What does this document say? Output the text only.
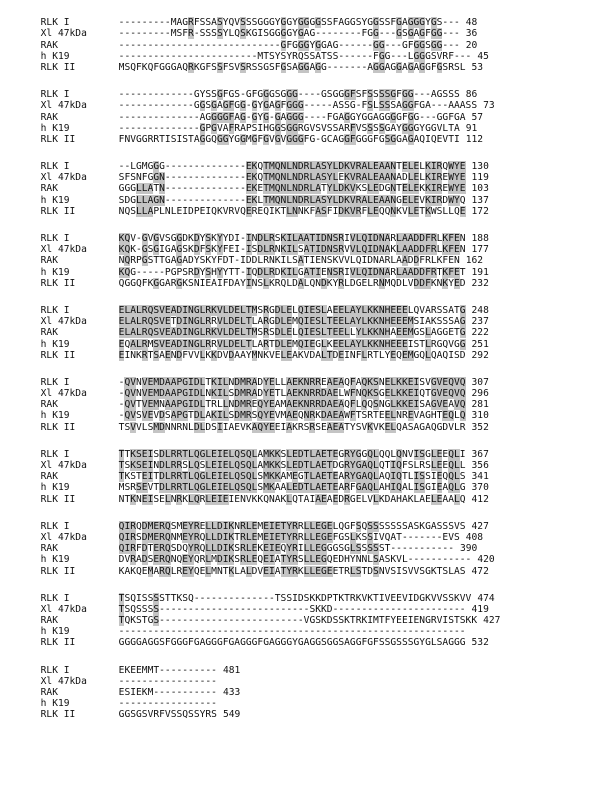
RLK I	---------MAGRFSSASYQVSSSGGGYGGYGGGGSSFAGGSYGGSSFGAGGGYGS--- 48

Xl 47kDa	---------MSFR-SSSSYLQSKGISGGGGYGAG--------FGG---GSGAGFGG--- 36

RAK	----------------------------GFGGGYGGAG------GG---GFGGSGG--- 20

h K19	------------------------MTSYSYRQSSATSS------FGG---LGGGSVRF--- 45

RLK II	MSQFKQFGGGAQRKGFSSFSVSRSSGSFGSAGGAGG-------AGGAGGAGAGGFGSRSL 53

RLK I	-------------GYSSGFGS-GFGGGSGGG----GSGGGFSFSSSSGFGG---AGSSS 86

Xl 47kDa	-------------GGSGAGFGG-GYGAGFGGG-----ASSG-FSLSSSAGGFGA---AAASS 73

RAK	--------------AGGGGFAG-GYG-GAGGG----FGAGGYGGAGGGGFGG---GGFGA 57

h K19	--------------GPGVAFRAPSIHGGSGGRGVSVSSARFVSSSSGAYGGGYGGVLTA 91

RLK II	FNVGGRRTISISTAGGQGGYGGMGFGVGVGGGFG-GCAGGFGGGFGSGGAGAQIQEVTI 112

RLK I	--LGMGGG--------------EKQTMQNLNDRLASYLDKVRALEAANTELELKIRQWYE 130

Xl 47kDa	SFSNFGGN--------------EKQTMQNLNDRLASYLEKVRALEAANADLELKIREWYE 119

RAK	GGGLLATN--------------EKETMQNLNDRLATYLDKVKSLEDGNTELEKKIREWYE 103

h K19	SDGLLAGN--------------EKLTMQNLNDRLASYLDKVRALEAANGELEVKIRDWYQ 137

RLK II	NQSLLAPLNLEIDPEIQKVRVQEREQIKTLNNKFASFIDKVRFLEQQNKVLETKWSLLQE 172

RLK I	KQV-GVGVSGGDKDYSKYYDI-INDLRSKILAATIDNSRIVLQIDNARLAADDFRLKFEN 188

Xl 47kDa	KQK-GSGIGAGSKDFSKYFEI-ISDLRNKILSATIDNSRVVLQIDNAKLAADDFRLKFEN 177

RAK	NQRPGSTTGAGADYSKYFDT-IDDLRNKILSATIENSKVVLQIDNARLAADDFRLKFEN 162

h K19	KQG-----PGPSRDYSHYYTT-IQDLRDKILGATIENSRIVLQIDNARLAADDFRTKFET 191

RLK II	QGGQFKGGARGKSNIEAIFDAYINSLKRQLDALQNDKYRLDGELRNMQDLVDDFKNKYED 232

RLK I	ELALRQSVEADINGLRKVLDELTMSRGDLELQIESLAEELAYLKKNHEEELQVARSSATG 248

Xl 47kDa	ELALRQSVETDINGLRRVLDELTLARGDLEMQIESLTEELAYLKKNHEEEMSIAKSSSAG 237

RAK	ELALRQSVEADINGLRKVLDELTMSRSDLELQIESLTEELLYLKKNHAEEMGSLAGGETG 222

h K19	EQALRMSVEADINGLRRVLDELTLARTDLEMQIEGLKEELAYLKKNHEEEISTLRGQVGG 251

RLK II	EINKRTSAENDFVVLKKDVDAAYMNKVELEAKVDALTDEINFLRTLYEQEMGQLQAQISD 292

RLK I	-QVNVEMDAAPGIDLTKILNDMRADYELLAEKNRREAEAQFAQKSNELKKEISVGVEQVQ 307

Xl 47kDa	-QVNVEMDAAPGIDLNKILSDMRADYETLAEKNRRDAELWFNQKSGELKKEIQTGVEQVQ 296

RAK	-QVTVEMNAAPGIDLTRLLNDMREQYEAMAEKNRRDAEAQFLQQSNGLKKEISAGVEAVQ 281

h K19	-QVSVEVDSAPGTDLAKILSDMRSQYEVMAEQNRKDAEAWFTSRTEELNREVAGHTEQLQ 310

RLK II	TSVVLSMDNNRNLDLDSIIAEVKAQYEEIAKRSRSEAEATYSVKVKELQASAGAQGDVLR 352

RLK I	TTKSEISDLRRTLQGLEIELQSQLAMKKSLEDTLAETEGRYGGQLQQLQNVISGLEEQLI 367

Xl 47kDa	TSKSEINDLRRSLQSLEIELQSQLAMKKSLEDTLAETDGRYGAQLQTIQFSLRSLEEQLL 356

RAK	TKSTEITDLRRTLQGLEIELQSQLSMKKAMEGTLAETEARYGAQLAQIQTLISSIEQQLS 341

h K19	MSRSEVTDLRRTLQGLEIELQSQLSMKAALEDTLAETEARFGAQLAHIQALISGIEAQLG 370

RLK II	NTKNEISELNRKLQRLEIEIENVKKQNAKLQTAIAEAEDRGELVLKDAHAKLAELEAALQ 412

RLK I	QIRQDMERQSMEYRELLDIKNRLEMEIETYRRLLEGELQGFSQSSSSSSSASKGASSSVS 427

Xl 47kDa	QIRSDMERQNMEYRQLLDIKTRLEMEIETYRRLLEGEFGSLKSSIVQAT-------EVS 408

RAK	QIRFDTERQSDQYRQLLDIKSRLEKEIEQYRILLEGGGSGLSSSSST----------- 390

h K19	DVRADSERQNQEYQRLMDIKSRLEQEIATYRSLLEGQEDHYNNLSASKVL----------- 420

RLK II	KAKQEMARQLREYQELMNTKLALDVEIATYRKLLEGEETRLSTDSNVSISVVSGKTSLAS 472

RLK I	TSQISSSSTTKSQ--------------TSSIDSKKDPTKTRKVKTIVEEVIDGKVVSSKVV 474

Xl 47kDa	TSQSSSS--------------------------SKKD----------------------- 419

RAK	TQKSTGS-------------------------VGSKDSSKTRKIMTFYEEIENGRVISTSKK 427

h K19	------------------------------------------------------------

RLK II	GGGGAGGSFGGGFGAGGGFGAGGGFGAGGGYGAGGSGGSAGGFGFSSGSSSGYGLSAGGG 532

RLK I	EKEEMMT---------- 481

Xl 47kDa	-----------------

RAK	ESIEKM----------- 433

h K19	-----------------

RLK II	GGSGSVRFVSSQSSYRS 549
